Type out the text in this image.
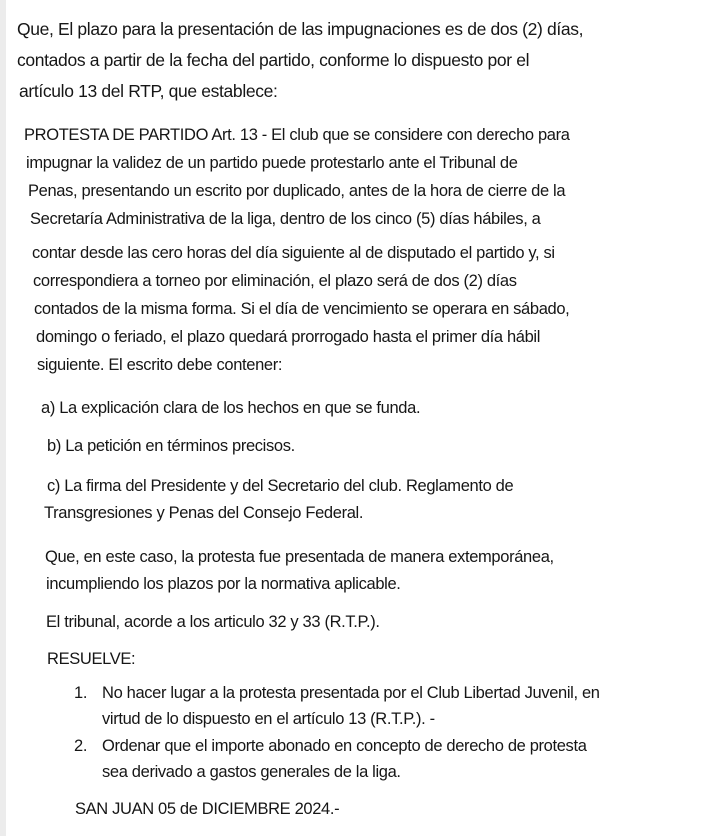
Que, El plazo para la presentación de las impugnaciones es de dos (2) días,
contados a partir de la fecha del partido, conforme lo dispuesto por el
artículo 13 del RTP, que establece:
PROTESTA DE PARTIDO Art. 13 - El club que se considere con derecho para
impugnar la validez de un partido puede protestarlo ante el Tribunal de
Penas, presentando un escrito por duplicado, antes de la hora de cierre de la
Secretaría Administrativa de la liga, dentro de los cinco (5) días hábiles, a
contar desde las cero horas del día siguiente al de disputado el partido y, si
correspondiera a torneo por eliminación, el plazo será de dos (2) días
contados de la misma forma. Si el día de vencimiento se operara en sábado,
domingo o feriado, el plazo quedará prorrogado hasta el primer día hábil
siguiente. El escrito debe contener:
a) La explicación clara de los hechos en que se funda.
b) La petición en términos precisos.
c) La firma del Presidente y del Secretario del club. Reglamento de
Transgresiones y Penas del Consejo Federal.
Que, en este caso, la protesta fue presentada de manera extemporánea,
incumpliendo los plazos por la normativa aplicable.
El tribunal, acorde a los articulo 32 y 33 (R.T.P.).
RESUELVE:
1. No hacer lugar a la protesta presentada por el Club Libertad Juvenil, en
virtud de lo dispuesto en el artículo 13 (R.T.P.). -
2. Ordenar que el importe abonado en concepto de derecho de protesta
sea derivado a gastos generales de la liga.
SAN JUAN 05 de DICIEMBRE 2024.-
